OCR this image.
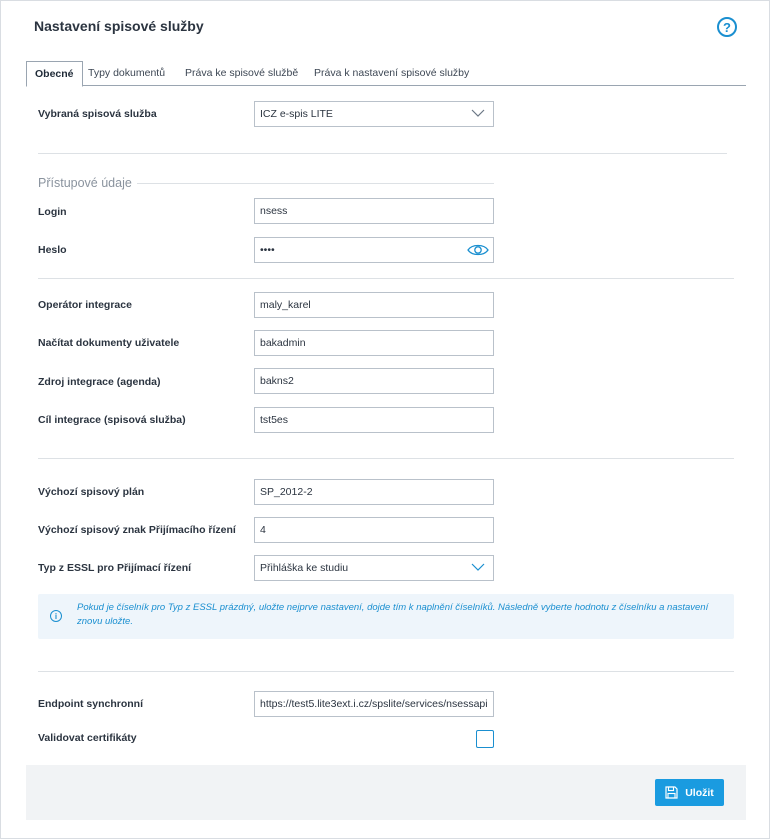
Nastavení spisové služby	?
Obecné	Typy dokumentů	Práva ke spisové službě	Práva k nastavení spisové služby
Vybraná spisová služba	ICZ e-spis LITE
Přístupové údaje
Login	nsess
Heslo	••••
Operátor integrace	maly_karel
Načítat dokumenty uživatele	bakadmin
Zdroj integrace (agenda)	bakns2
Cíl integrace (spisová služba)	tst5es
Výchozí spisový plán	SP_2012-2
Výchozí spisový znak Přijímacího řízení	4
Typ z ESSL pro Přijímací řízení	Přihláška ke studiu
i
Pokud je číselník pro Typ z ESSL prázdný, uložte nejprve nastavení, dojde tím k naplnění číselníků. Následně vyberte hodnotu z číselníku a nastavení znovu uložte.
Endpoint synchronní	https://test5.lite3ext.i.cz/spslite/services/nsessapi
Validovat certifikáty
Uložit
